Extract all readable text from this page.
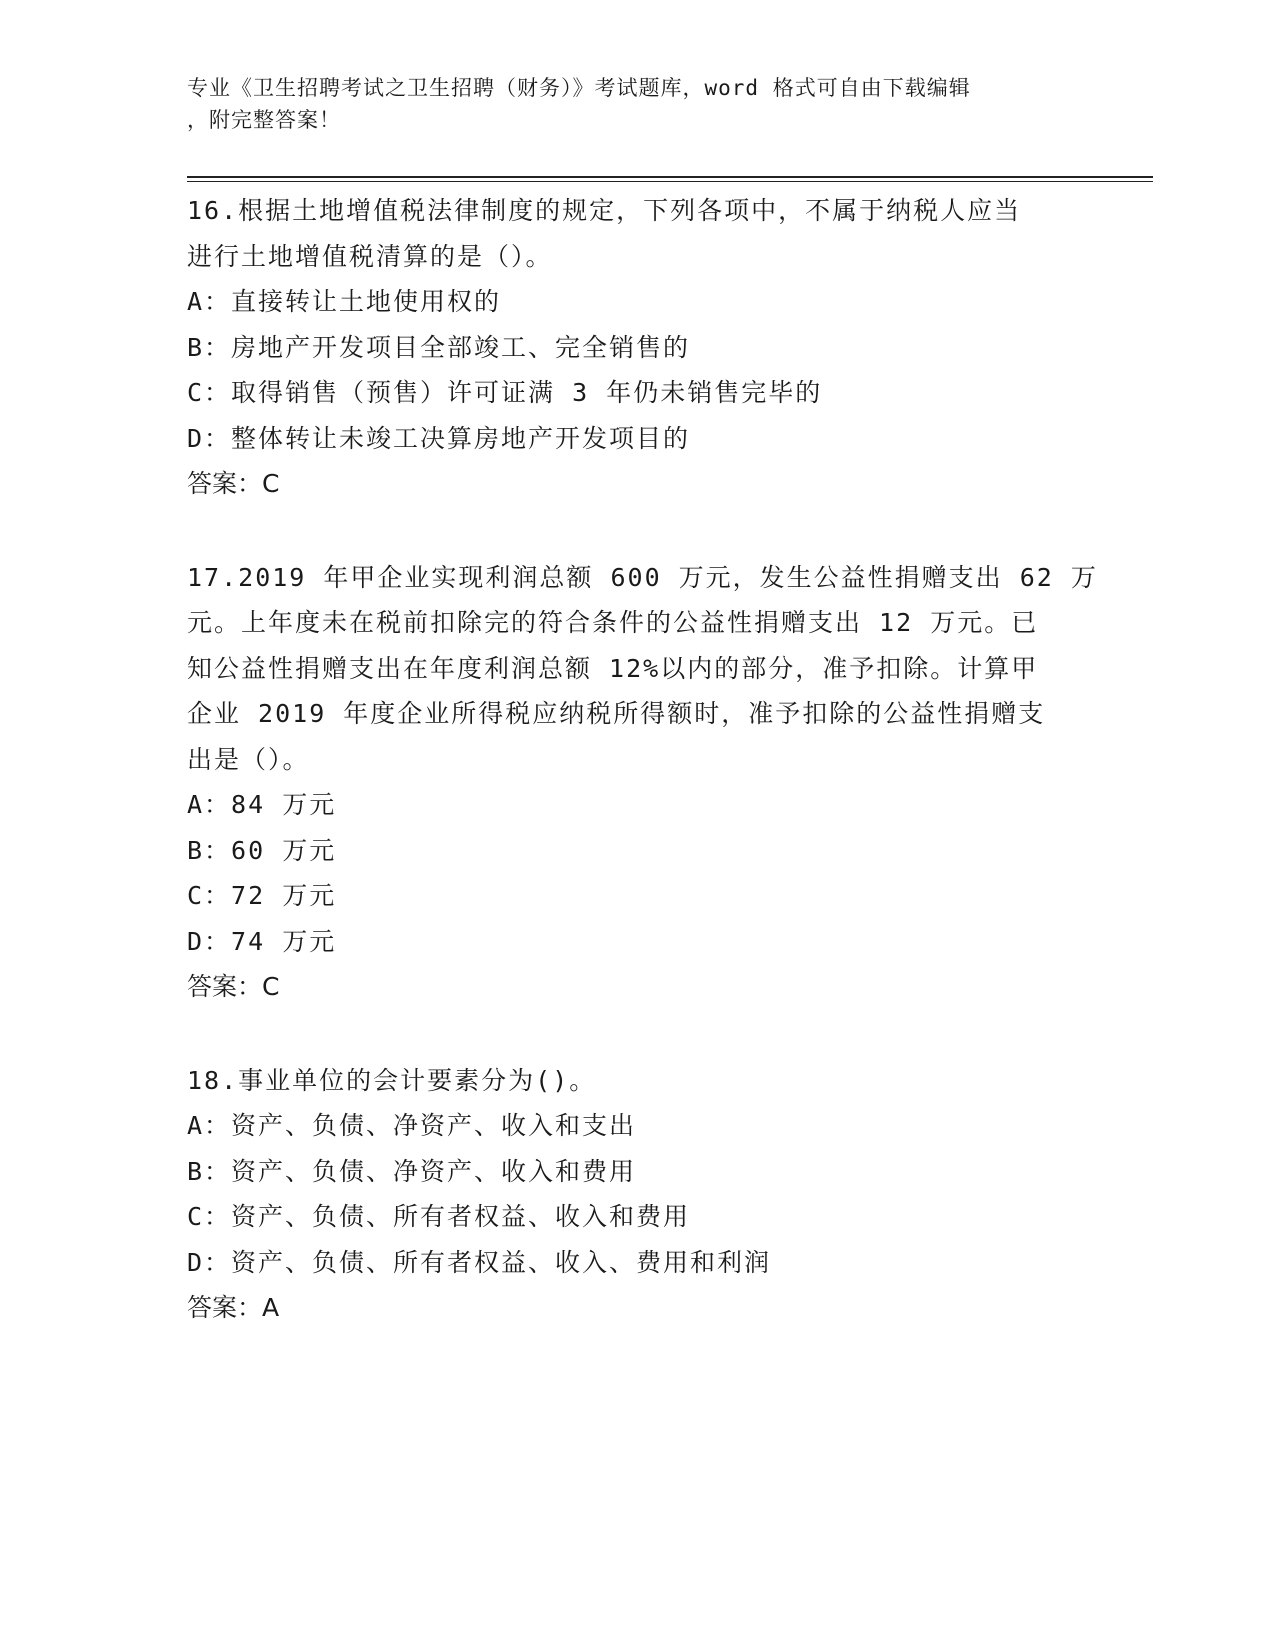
专业《卫生招聘考试之卫生招聘（财务）》考试题库，word 格式可自由下载编辑
，附完整答案！
16.根据土地增值税法律制度的规定，下列各项中，不属于纳税人应当
进行土地增值税清算的是（）。
A：直接转让土地使用权的
B：房地产开发项目全部竣工、完全销售的
C：取得销售（预售）许可证满 3 年仍未销售完毕的
D：整体转让未竣工决算房地产开发项目的
答案：C
17.2019 年甲企业实现利润总额 600 万元，发生公益性捐赠支出 62 万
元。上年度未在税前扣除完的符合条件的公益性捐赠支出 12 万元。已
知公益性捐赠支出在年度利润总额 12%以内的部分，准予扣除。计算甲
企业 2019 年度企业所得税应纳税所得额时，准予扣除的公益性捐赠支
出是（）。
A：84 万元
B：60 万元
C：72 万元
D：74 万元
答案：C
18.事业单位的会计要素分为()。
A：资产、负债、净资产、收入和支出
B：资产、负债、净资产、收入和费用
C：资产、负债、所有者权益、收入和费用
D：资产、负债、所有者权益、收入、费用和利润
答案：A
